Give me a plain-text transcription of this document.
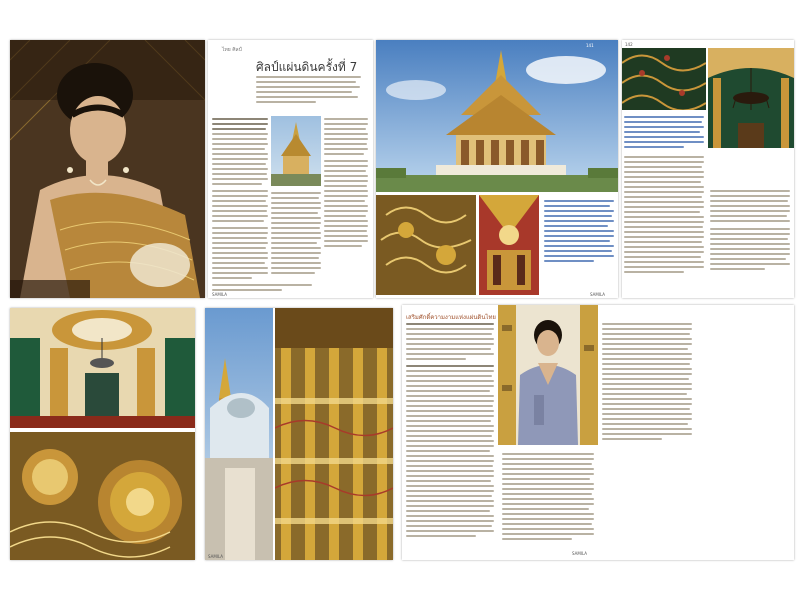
ไทย ศิลป์
ศิลป์แผ่นดินครั้งที่ 7
SAMILA
141
SAMILA
142
SAMILA
เสริมศักดิ์ความงามแห่งแผ่นดินไทย
SAMILA
